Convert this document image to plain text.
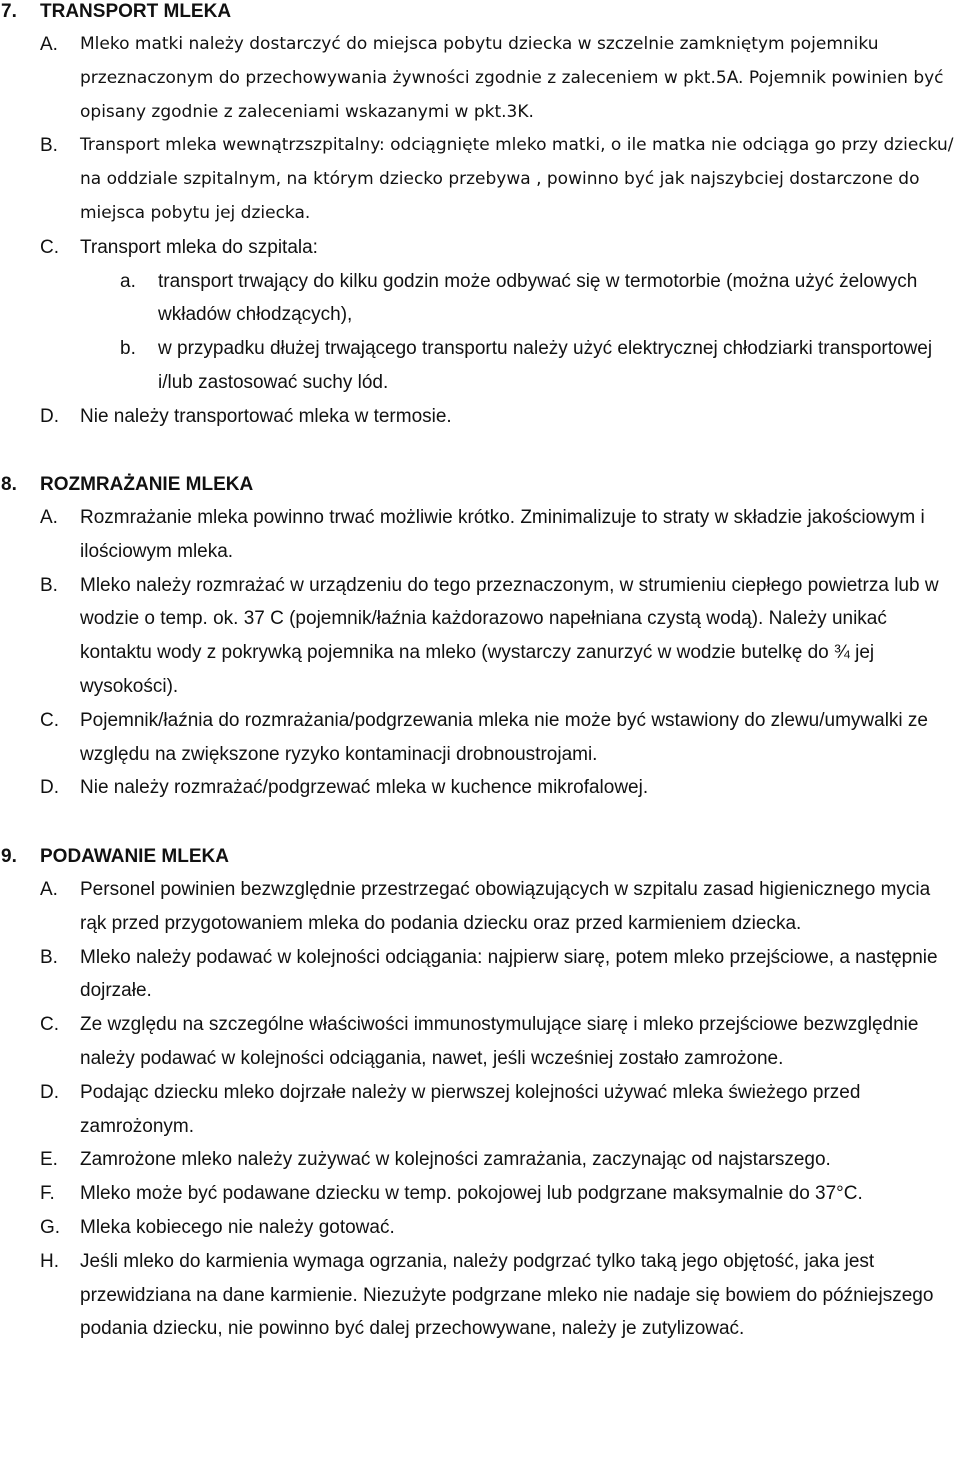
7.	TRANSPORT MLEKA
A.	Mleko matki należy dostarczyć do miejsca pobytu dziecka w szczelnie zamkniętym pojemniku przeznaczonym do przechowywania żywności zgodnie z zaleceniem w pkt.5A. Pojemnik powinien być opisany zgodnie z zaleceniami wskazanymi w pkt.3K.
B.	Transport mleka wewnątrzszpitalny: odciągnięte mleko matki, o ile matka nie odciąga go przy dziecku/ na oddziale szpitalnym, na którym dziecko przebywa , powinno być jak najszybciej dostarczone do miejsca pobytu jej dziecka.
C.	Transport mleka do szpitala:
a.	transport trwający do kilku godzin może odbywać się w termotorbie (można użyć żelowych wkładów chłodzących),
b.	w przypadku dłużej trwającego transportu należy użyć elektrycznej chłodziarki transportowej i/lub zastosować suchy lód.
D.	Nie należy transportować mleka w termosie.
8.	ROZMRAŻANIE MLEKA
A.	Rozmrażanie mleka powinno trwać możliwie krótko. Zminimalizuje to straty w składzie jakościowym i ilościowym mleka.
B.	Mleko należy rozmrażać w urządzeniu do tego przeznaczonym, w strumieniu ciepłego powietrza lub w wodzie o temp. ok. 37 C (pojemnik/łaźnia każdorazowo napełniana czystą wodą). Należy unikać kontaktu wody z pokrywką pojemnika na mleko (wystarczy zanurzyć w wodzie butelkę do ¾ jej wysokości).
C.	Pojemnik/łaźnia do rozmrażania/podgrzewania mleka nie może być wstawiony do zlewu/umywalki ze względu na zwiększone ryzyko kontaminacji drobnoustrojami.
D.	Nie należy rozmrażać/podgrzewać mleka w kuchence mikrofalowej.
9.	PODAWANIE MLEKA
A.	Personel powinien bezwzględnie przestrzegać obowiązujących w szpitalu zasad higienicznego mycia rąk przed przygotowaniem mleka do podania dziecku oraz przed karmieniem dziecka.
B.	Mleko należy podawać w kolejności odciągania: najpierw siarę, potem mleko przejściowe, a następnie dojrzałe.
C.	Ze względu na szczególne właściwości immunostymulujące siarę i mleko przejściowe bezwzględnie należy podawać w kolejności odciągania, nawet, jeśli wcześniej zostało zamrożone.
D.	Podając dziecku mleko dojrzałe należy w pierwszej kolejności używać mleka świeżego przed zamrożonym.
E.	Zamrożone mleko należy zużywać w kolejności zamrażania, zaczynając od najstarszego.
F.	Mleko może być podawane dziecku w temp. pokojowej lub podgrzane maksymalnie do 37°C.
G.	Mleka kobiecego nie należy gotować.
H.	Jeśli mleko do karmienia wymaga ogrzania, należy podgrzać tylko taką jego objętość, jaka jest przewidziana na dane karmienie. Niezużyte podgrzane mleko nie nadaje się bowiem do późniejszego podania dziecku, nie powinno być dalej przechowywane, należy je zutylizować.
